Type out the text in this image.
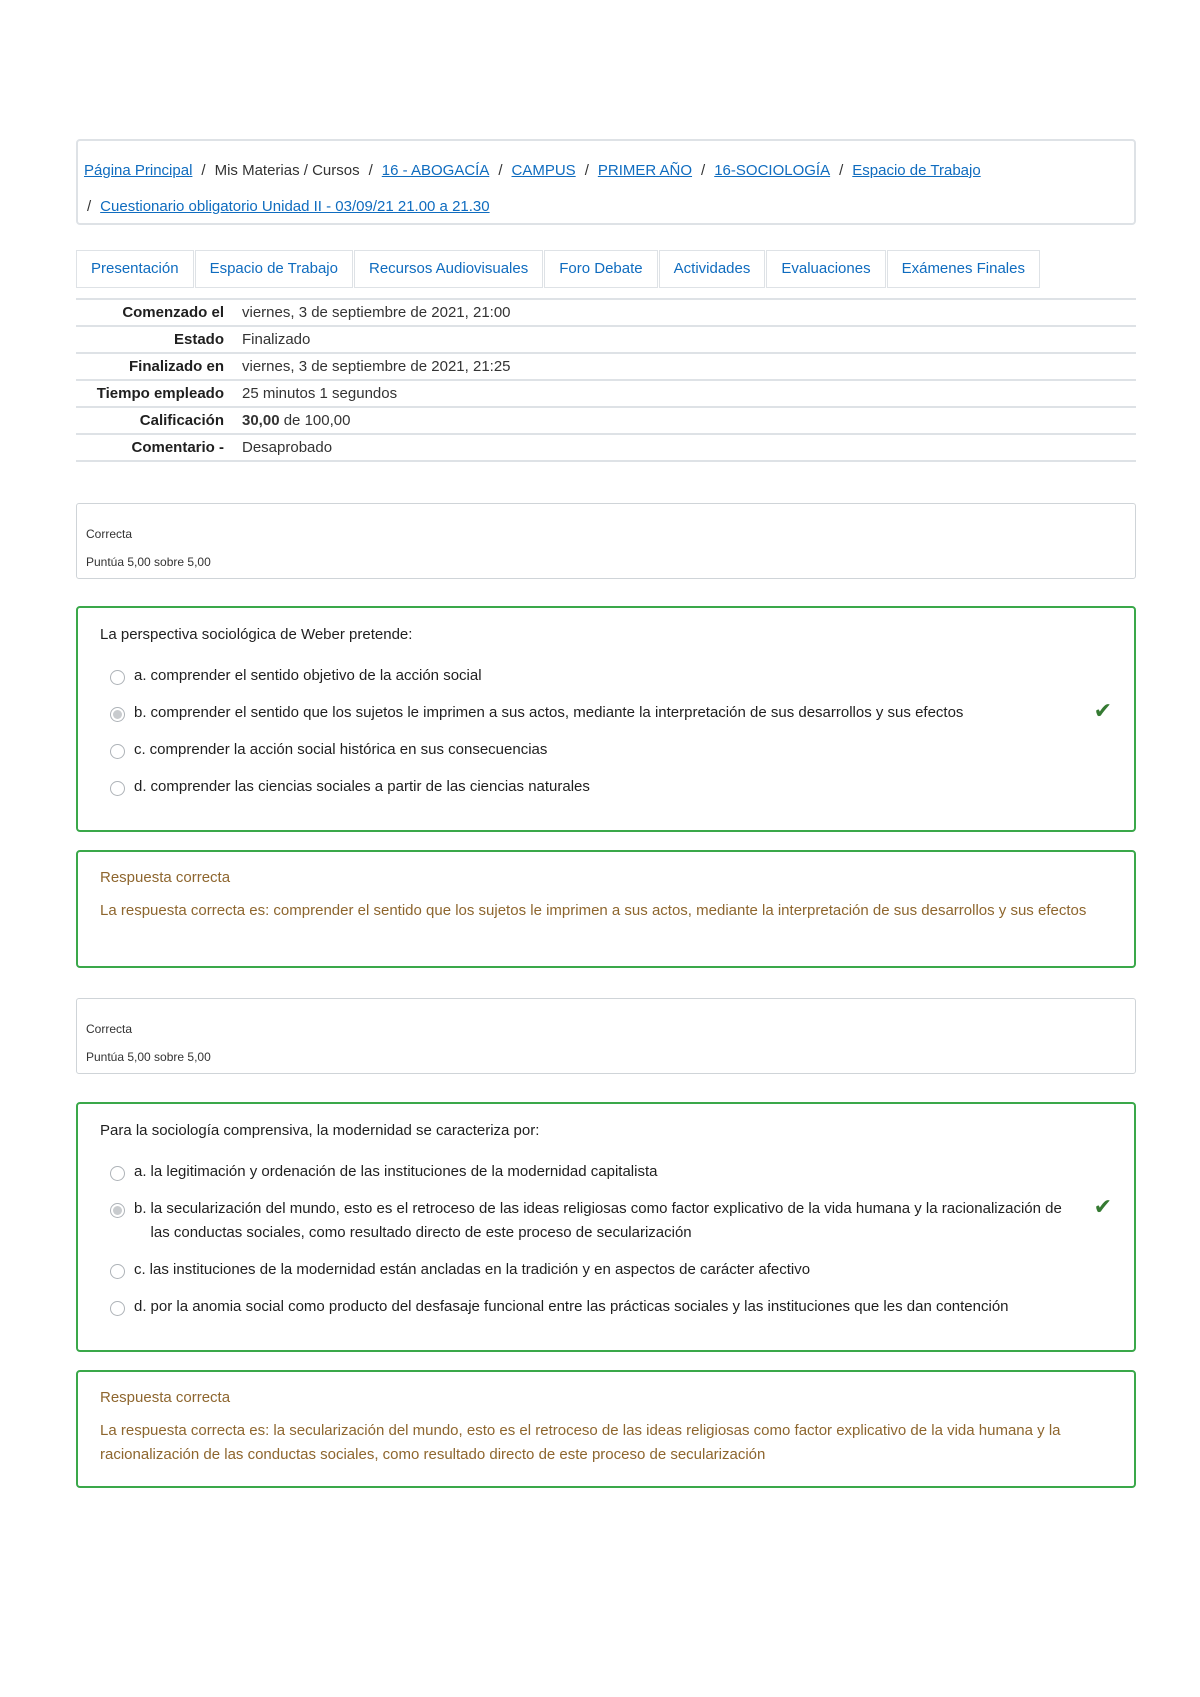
Página Principal / Mis Materias / Cursos / 16 - ABOGACÍA / CAMPUS / PRIMER AÑO / 16-SOCIOLOGÍA / Espacio de Trabajo
/ Cuestionario obligatorio Unidad II - 03/09/21 21.00 a 21.30
Presentación	Espacio de Trabajo	Recursos Audiovisuales	Foro Debate	Actividades	Evaluaciones	Exámenes Finales
Comenzado el	viernes, 3 de septiembre de 2021, 21:00
Estado	Finalizado
Finalizado en	viernes, 3 de septiembre de 2021, 21:25
Tiempo empleado	25 minutos 1 segundos
Calificación	30,00 de 100,00
Comentario -	Desaprobado
Correcta
Puntúa 5,00 sobre 5,00
La perspectiva sociológica de Weber pretende:
a. comprender el sentido objetivo de la acción social
b. comprender el sentido que los sujetos le imprimen a sus actos, mediante la interpretación de sus desarrollos y sus efectos	✔
c. comprender la acción social histórica en sus consecuencias
d. comprender las ciencias sociales a partir de las ciencias naturales
Respuesta correcta
La respuesta correcta es: comprender el sentido que los sujetos le imprimen a sus actos, mediante la interpretación de sus desarrollos y sus efectos
Correcta
Puntúa 5,00 sobre 5,00
Para la sociología comprensiva, la modernidad se caracteriza por:
a. la legitimación y ordenación de las instituciones de la modernidad capitalista
b. la secularización del mundo, esto es el retroceso de las ideas religiosas como factor explicativo de la vida humana y la racionalización de las conductas sociales, como resultado directo de este proceso de secularización
✔
c. las instituciones de la modernidad están ancladas en la tradición y en aspectos de carácter afectivo
d. por la anomia social como producto del desfasaje funcional entre las prácticas sociales y las instituciones que les dan contención
Respuesta correcta
La respuesta correcta es: la secularización del mundo, esto es el retroceso de las ideas religiosas como factor explicativo de la vida humana y la racionalización de las conductas sociales, como resultado directo de este proceso de secularización
